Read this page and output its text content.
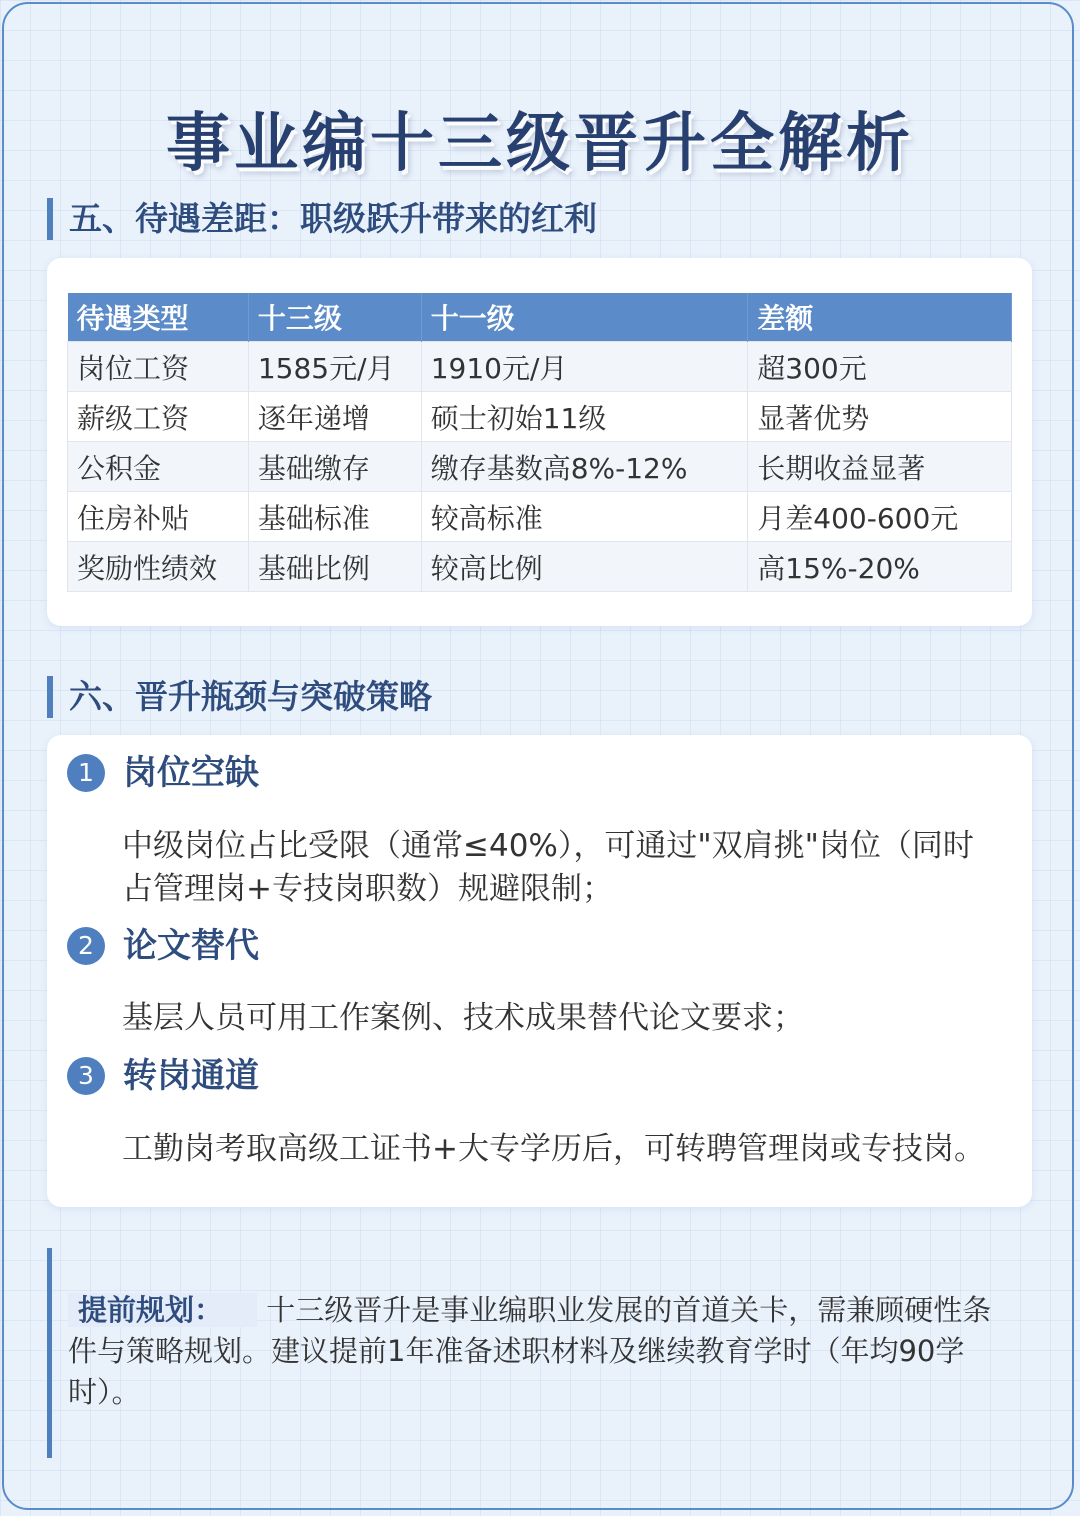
事业编十三级晋升全解析
五、待遇差距：职级跃升带来的红利
待遇类型	十三级	十一级	差额
岗位工资	1585元/月	1910元/月	超300元
薪级工资	逐年递增	硕士初始11级	显著优势
公积金	基础缴存	缴存基数高8%-12%	长期收益显著
住房补贴	基础标准	较高标准	月差400-600元
奖励性绩效	基础比例	较高比例	高15%-20%
六、晋升瓶颈与突破策略
1 岗位空缺
中级岗位占比受限（通常≤40%），可通过"双肩挑"岗位（同时占管理岗+专技岗职数）规避限制；
2 论文替代
基层人员可用工作案例、技术成果替代论文要求；
3 转岗通道
工勤岗考取高级工证书+大专学历后，可转聘管理岗或专技岗。
提前规划： 十三级晋升是事业编职业发展的首道关卡，需兼顾硬性条件与策略规划。建议提前1年准备述职材料及继续教育学时（年均90学时）。
